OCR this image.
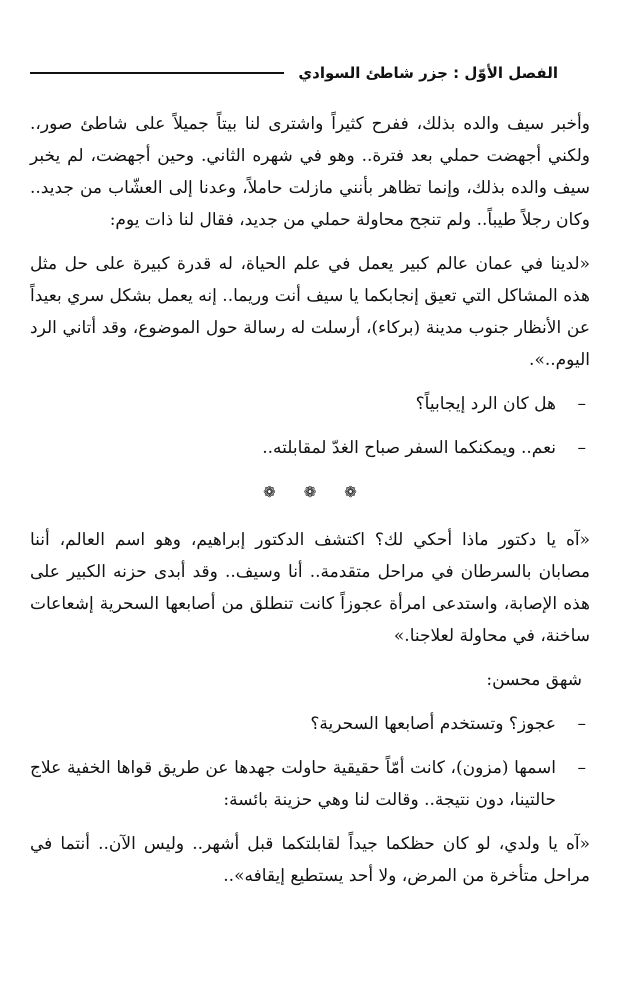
الفصل الأوّل : جزر شاطئ السوادي

وأخبر سيف والده بذلك، ففرح كثيراً واشترى لنا بيتاً جميلاً على شاطئ صور،. ولكني أجهضت حملي بعد فترة.. وهو في شهره الثاني. وحين أجهضت، لم يخبر سيف والده بذلك، وإنما تظاهر بأنني مازلت حاملاً، وعدنا إلى العشّاب من جديد.. وكان رجلاً طيباً.. ولم تنجح محاولة حملي من جديد، فقال لنا ذات يوم:

«لدينا في عمان عالم كبير يعمل في علم الحياة، له قدرة كبيرة على حل مثل هذه المشاكل التي تعيق إنجابكما يا سيف أنت وريما.. إنه يعمل بشكل سري بعيداً عن الأنظار جنوب مدينة (بركاء)، أرسلت له رسالة حول الموضوع، وقد أتاني الرد اليوم..».

–
هل كان الرد إيجابياً؟

–
نعم.. ويمكنكما السفر صباح الغدّ لمقابلته..

❁ ❁ ❁

«آه يا دكتور ماذا أحكي لك؟ اكتشف الدكتور إبراهيم، وهو اسم العالم، أننا مصابان بالسرطان في مراحل متقدمة.. أنا وسيف.. وقد أبدى حزنه الكبير على هذه الإصابة، واستدعى امرأة عجوزاً كانت تنطلق من أصابعها السحرية إشعاعات ساخنة، في محاولة لعلاجنا.»

شهق محسن:

–
عجوز؟ وتستخدم أصابعها السحرية؟

–
اسمها (مزون)، كانت أمّاً حقيقية حاولت جهدها عن طريق قواها الخفية علاج حالتينا، دون نتيجة.. وقالت لنا وهي حزينة بائسة:

«آه يا ولدي، لو كان حظكما جيداً لقابلتكما قبل أشهر.. وليس الآن.. أنتما في مراحل متأخرة من المرض، ولا أحد يستطيع إيقافه»..
